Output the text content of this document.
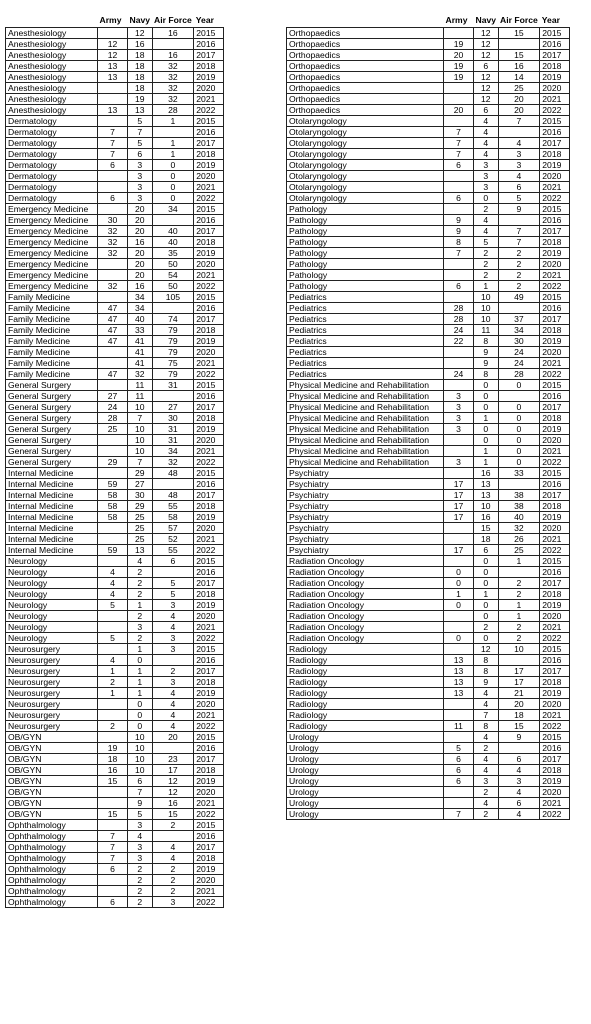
	Army	Navy	Air Force	Year
Anesthesiology		12	16	2015
Anesthesiology	12	16		2016
Anesthesiology	12	18	16	2017
Anesthesiology	13	18	32	2018
Anesthesiology	13	18	32	2019
Anesthesiology		18	32	2020
Anesthesiology		19	32	2021
Anesthesiology	13	13	28	2022
Dermatology		5	1	2015
Dermatology	7	7		2016
Dermatology	7	5	1	2017
Dermatology	7	6	1	2018
Dermatology	6	3	0	2019
Dermatology		3	0	2020
Dermatology		3	0	2021
Dermatology	6	3	0	2022
Emergency Medicine		20	34	2015
Emergency Medicine	30	20		2016
Emergency Medicine	32	20	40	2017
Emergency Medicine	32	16	40	2018
Emergency Medicine	32	20	35	2019
Emergency Medicine		20	50	2020
Emergency Medicine		20	54	2021
Emergency Medicine	32	16	50	2022
Family Medicine		34	105	2015
Family Medicine	47	34		2016
Family Medicine	47	40	74	2017
Family Medicine	47	33	79	2018
Family Medicine	47	41	79	2019
Family Medicine		41	79	2020
Family Medicine		41	75	2021
Family Medicine	47	32	79	2022
General Surgery		11	31	2015
General Surgery	27	11		2016
General Surgery	24	10	27	2017
General Surgery	28	7	30	2018
General Surgery	25	10	31	2019
General Surgery		10	31	2020
General Surgery		10	34	2021
General Surgery	29	7	32	2022
Internal Medicine		29	48	2015
Internal Medicine	59	27		2016
Internal Medicine	58	30	48	2017
Internal Medicine	58	29	55	2018
Internal Medicine	58	25	58	2019
Internal Medicine		25	57	2020
Internal Medicine		25	52	2021
Internal Medicine	59	13	55	2022
Neurology		4	6	2015
Neurology	4	2		2016
Neurology	4	2	5	2017
Neurology	4	2	5	2018
Neurology	5	1	3	2019
Neurology		2	4	2020
Neurology		3	4	2021
Neurology	5	2	3	2022
Neurosurgery		1	3	2015
Neurosurgery	4	0		2016
Neurosurgery	1	1	2	2017
Neurosurgery	2	1	3	2018
Neurosurgery	1	1	4	2019
Neurosurgery		0	4	2020
Neurosurgery		0	4	2021
Neurosurgery	2	0	4	2022
OB/GYN		10	20	2015
OB/GYN	19	10		2016
OB/GYN	18	10	23	2017
OB/GYN	16	10	17	2018
OB/GYN	15	6	12	2019
OB/GYN		7	12	2020
OB/GYN		9	16	2021
OB/GYN	15	5	15	2022
Ophthalmology		3	2	2015
Ophthalmology	7	4		2016
Ophthalmology	7	3	4	2017
Ophthalmology	7	3	4	2018
Ophthalmology	6	2	2	2019
Ophthalmology		2	2	2020
Ophthalmology		2	2	2021
Ophthalmology	6	2	3	2022
	Army	Navy	Air Force	Year
Orthopaedics		12	15	2015
Orthopaedics	19	12		2016
Orthopaedics	20	12	15	2017
Orthopaedics	19	6	16	2018
Orthopaedics	19	12	14	2019
Orthopaedics		12	25	2020
Orthopaedics		12	20	2021
Orthopaedics	20	6	20	2022
Otolaryngology		4	7	2015
Otolaryngology	7	4		2016
Otolaryngology	7	4	4	2017
Otolaryngology	7	4	3	2018
Otolaryngology	6	3	3	2019
Otolaryngology		3	4	2020
Otolaryngology		3	6	2021
Otolaryngology	6	0	5	2022
Pathology		2	9	2015
Pathology	9	4		2016
Pathology	9	4	7	2017
Pathology	8	5	7	2018
Pathology	7	2	2	2019
Pathology		2	2	2020
Pathology		2	2	2021
Pathology	6	1	2	2022
Pediatrics		10	49	2015
Pediatrics	28	10		2016
Pediatrics	28	10	37	2017
Pediatrics	24	11	34	2018
Pediatrics	22	8	30	2019
Pediatrics		9	24	2020
Pediatrics		9	24	2021
Pediatrics	24	8	28	2022
Physical Medicine and Rehabilitation		0	0	2015
Physical Medicine and Rehabilitation	3	0		2016
Physical Medicine and Rehabilitation	3	0	0	2017
Physical Medicine and Rehabilitation	3	1	0	2018
Physical Medicine and Rehabilitation	3	0	0	2019
Physical Medicine and Rehabilitation		0	0	2020
Physical Medicine and Rehabilitation		1	0	2021
Physical Medicine and Rehabilitation	3	1	0	2022
Psychiatry		16	33	2015
Psychiatry	17	13		2016
Psychiatry	17	13	38	2017
Psychiatry	17	10	38	2018
Psychiatry	17	16	40	2019
Psychiatry		15	32	2020
Psychiatry		18	26	2021
Psychiatry	17	6	25	2022
Radiation Oncology		0	1	2015
Radiation Oncology	0	0		2016
Radiation Oncology	0	0	2	2017
Radiation Oncology	1	1	2	2018
Radiation Oncology	0	0	1	2019
Radiation Oncology		0	1	2020
Radiation Oncology		2	2	2021
Radiation Oncology	0	0	2	2022
Radiology		12	10	2015
Radiology	13	8		2016
Radiology	13	8	17	2017
Radiology	13	9	17	2018
Radiology	13	4	21	2019
Radiology		4	20	2020
Radiology		7	18	2021
Radiology	11	8	15	2022
Urology		4	9	2015
Urology	5	2		2016
Urology	6	4	6	2017
Urology	6	4	4	2018
Urology	6	3	3	2019
Urology		2	4	2020
Urology		4	6	2021
Urology	7	2	4	2022
